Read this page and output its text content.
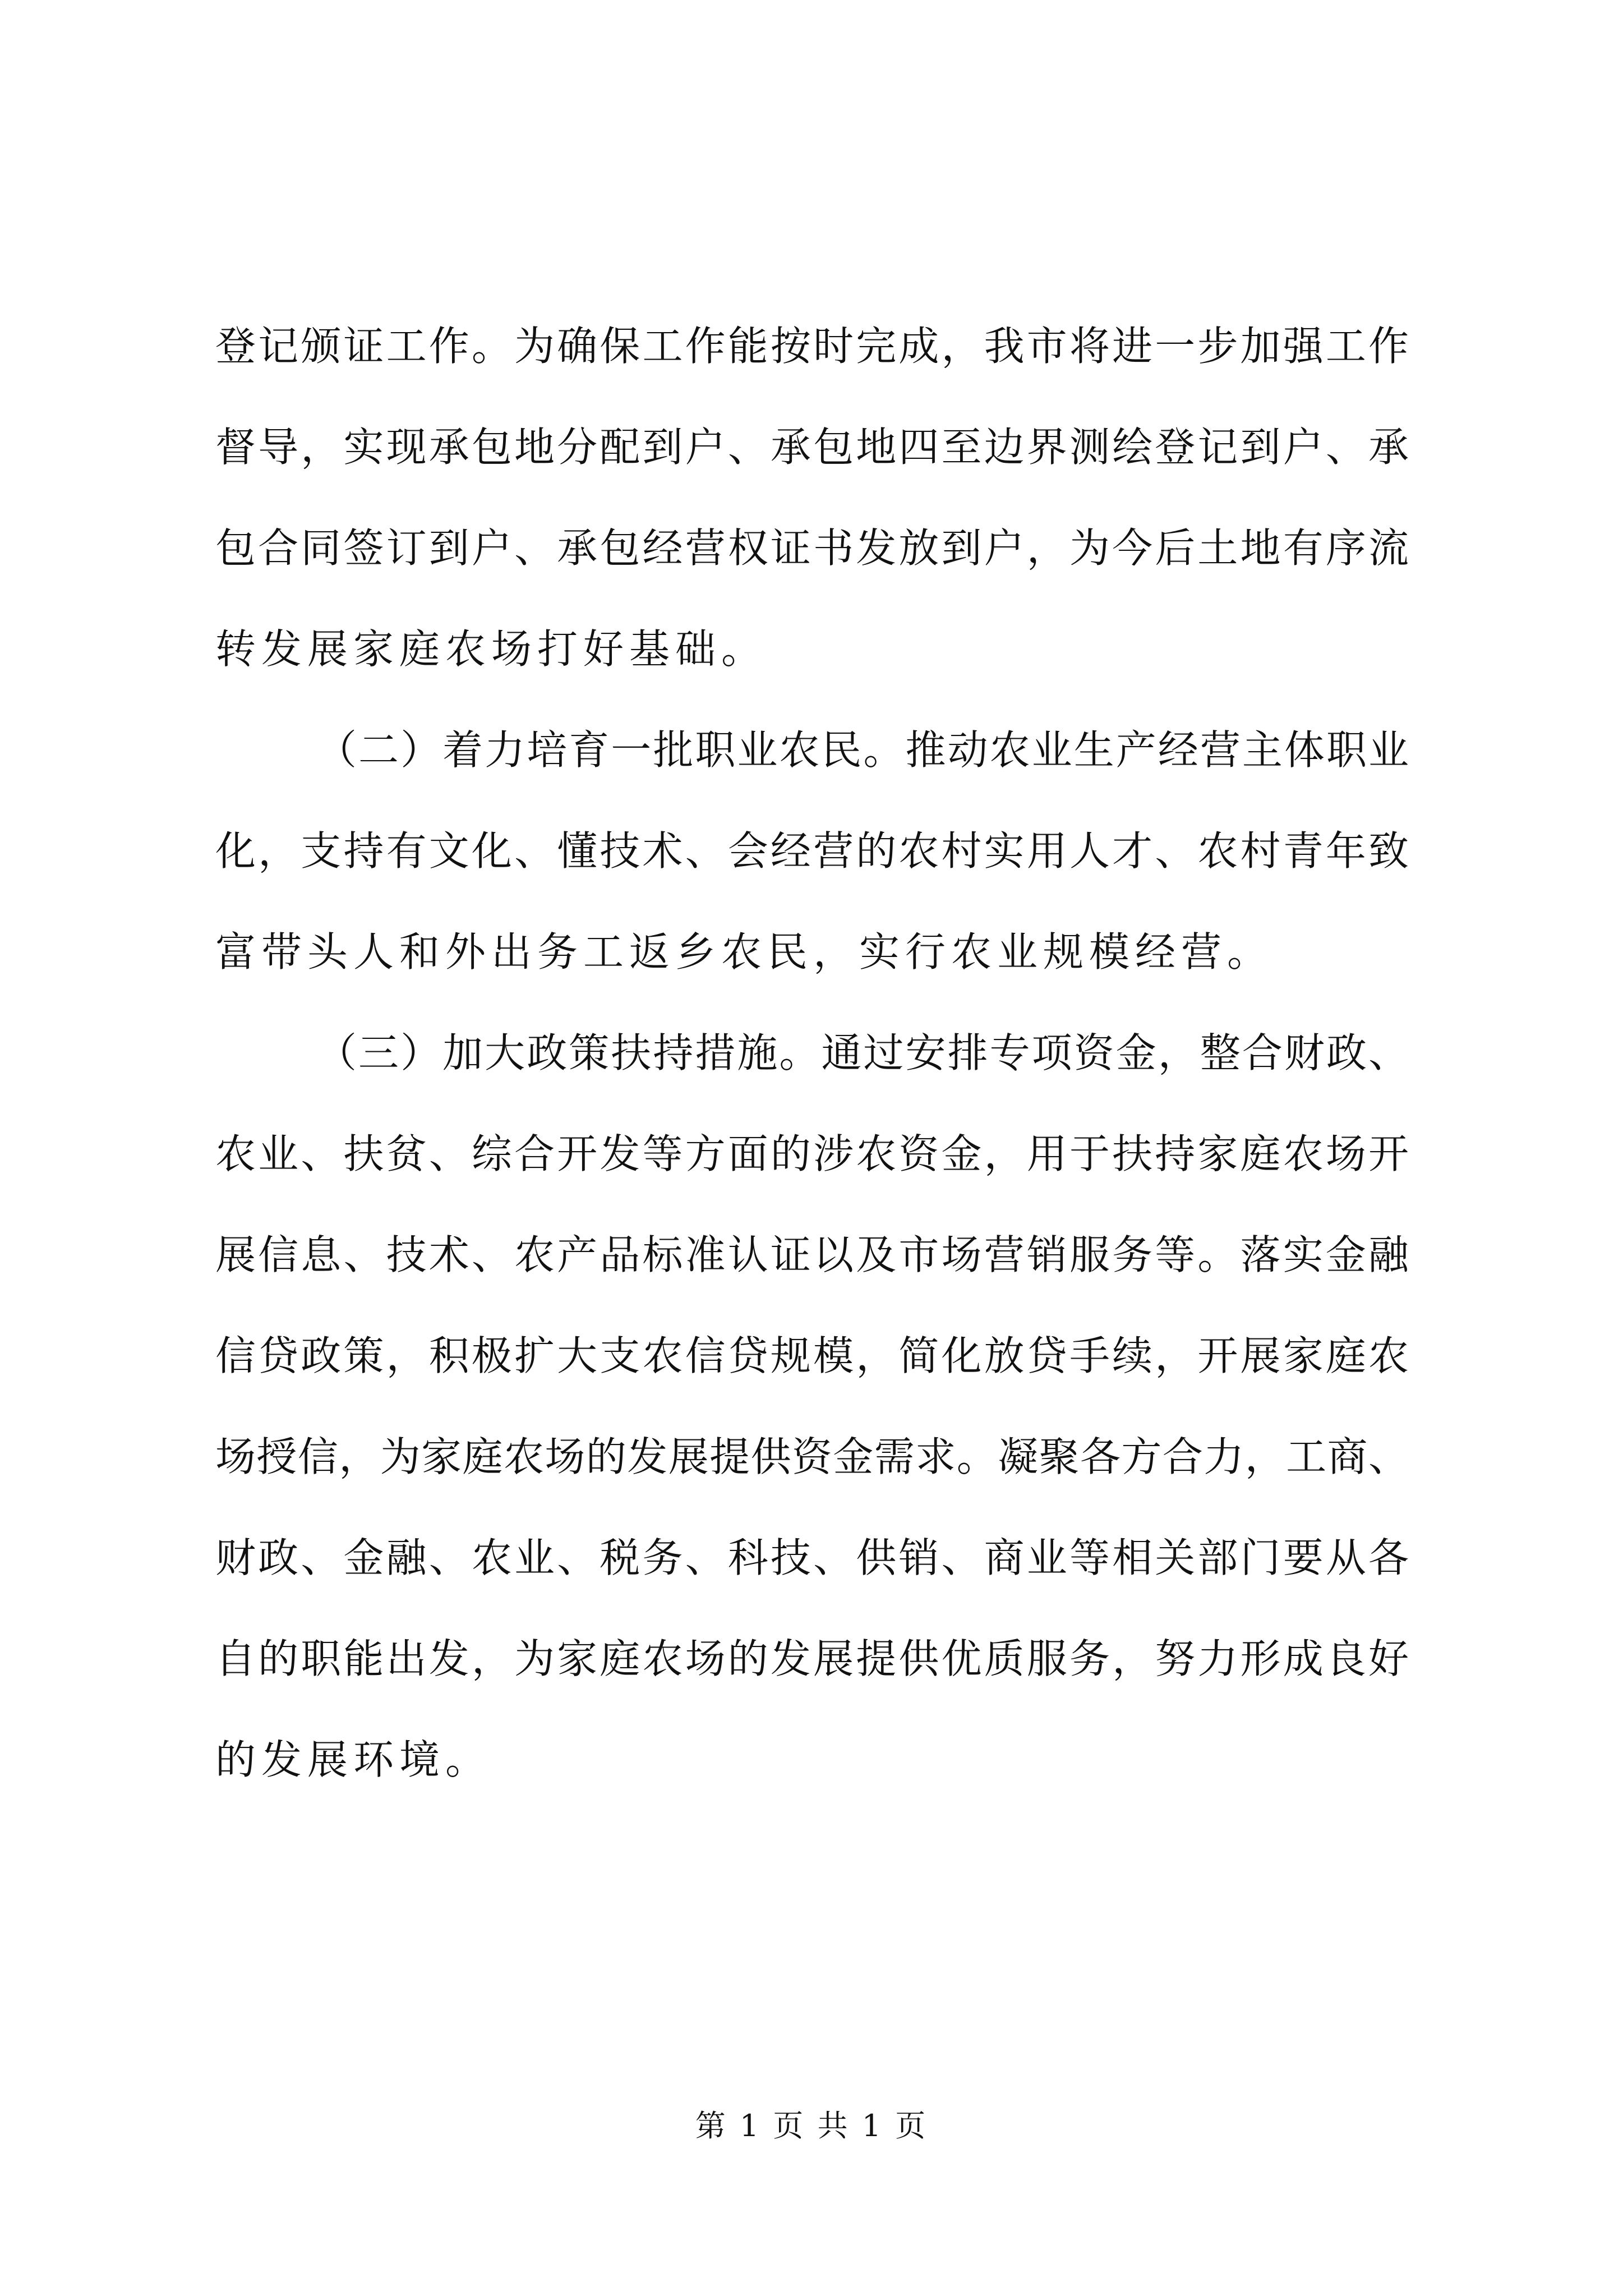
登记颁证工作。为确保工作能按时完成，我市将进一步加强工作
督导，实现承包地分配到户、承包地四至边界测绘登记到户、承
包合同签订到户、承包经营权证书发放到户，为今后土地有序流
转发展家庭农场打好基础。
（二）着力培育一批职业农民。推动农业生产经营主体职业
化，支持有文化、懂技术、会经营的农村实用人才、农村青年致
富带头人和外出务工返乡农民，实行农业规模经营。
（三）加大政策扶持措施。通过安排专项资金，整合财政、
农业、扶贫、综合开发等方面的涉农资金，用于扶持家庭农场开
展信息、技术、农产品标准认证以及市场营销服务等。落实金融
信贷政策，积极扩大支农信贷规模，简化放贷手续，开展家庭农
场授信，为家庭农场的发展提供资金需求。凝聚各方合力，工商、
财政、金融、农业、税务、科技、供销、商业等相关部门要从各
自的职能出发，为家庭农场的发展提供优质服务，努力形成良好
的发展环境。
第 1 页 共 1 页
